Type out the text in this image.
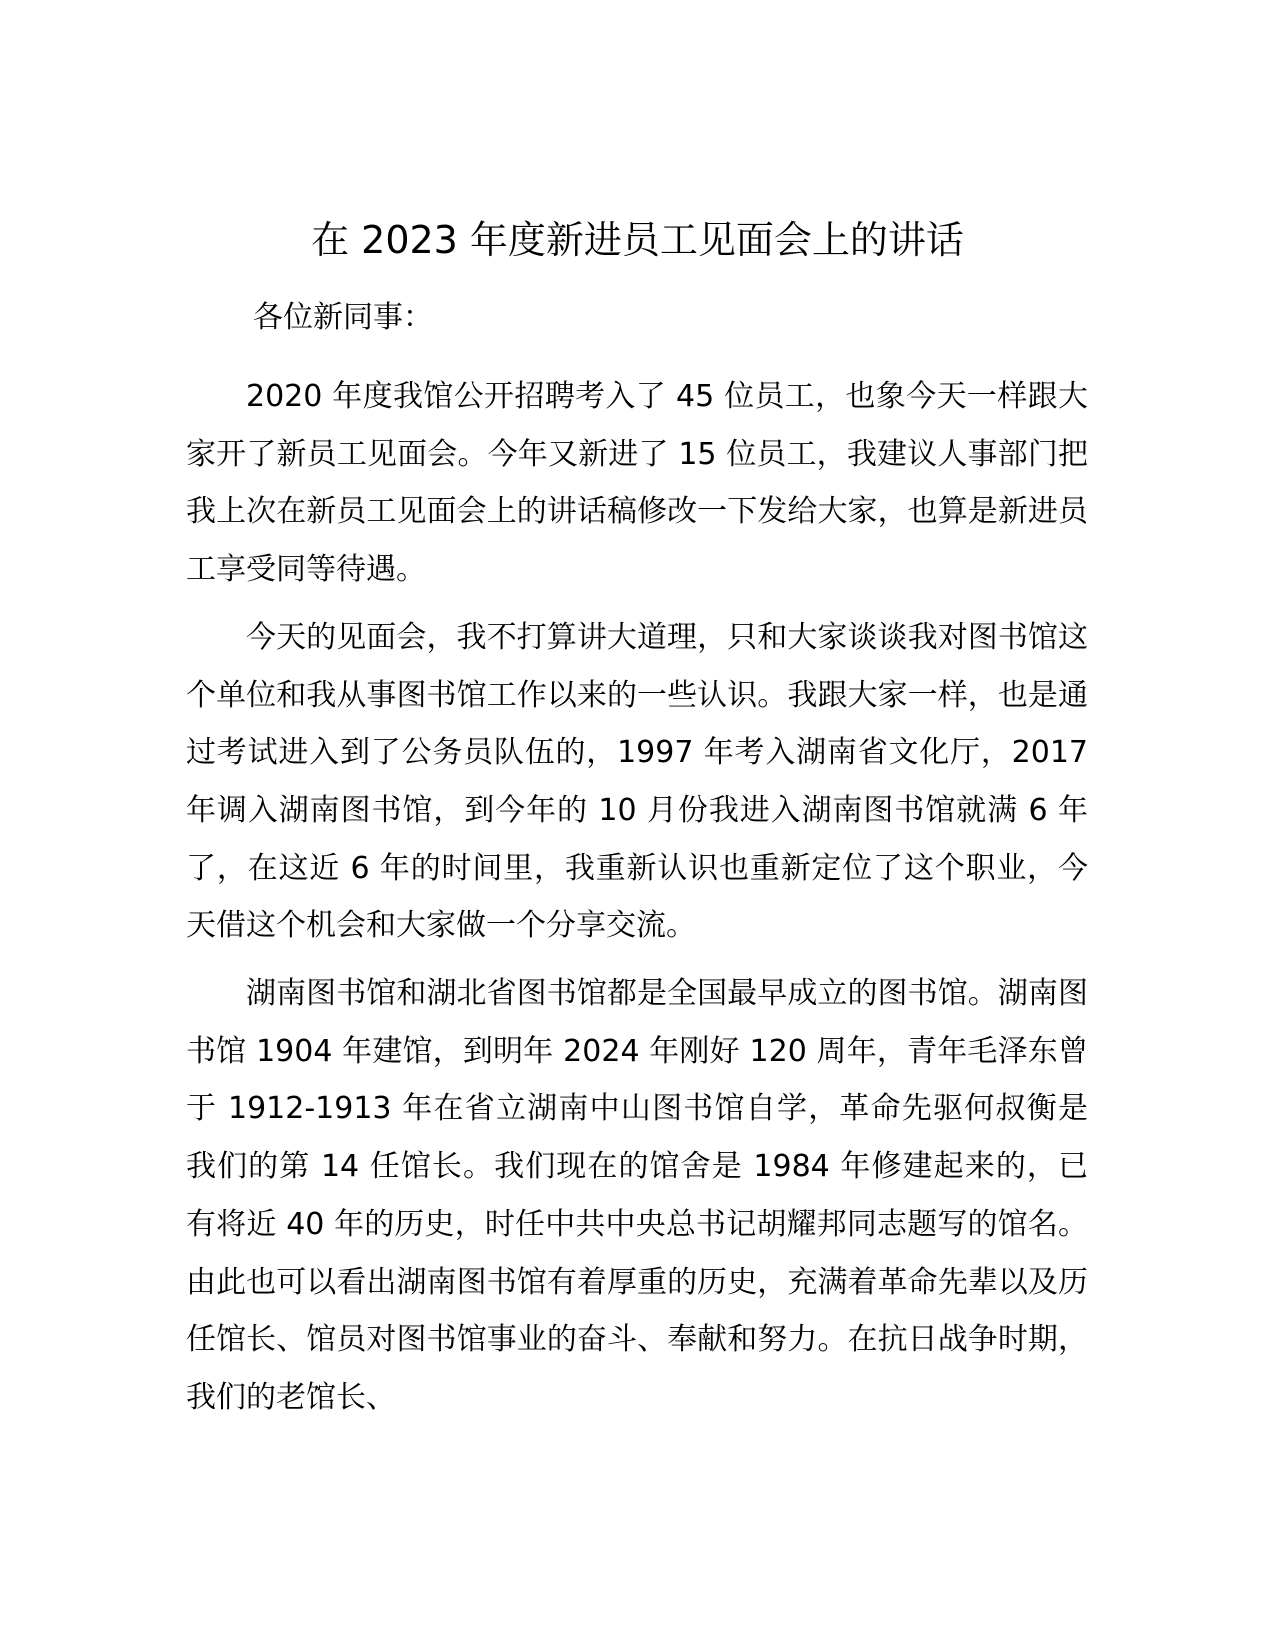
在 2023 年度新进员工见面会上的讲话

各位新同事：

2020 年度我馆公开招聘考入了 45 位员工，也象今天一样跟大家开了新员工见面会。今年又新进了 15 位员工，我建议人事部门把我上次在新员工见面会上的讲话稿修改一下发给大家，也算是新进员工享受同等待遇。

今天的见面会，我不打算讲大道理，只和大家谈谈我对图书馆这个单位和我从事图书馆工作以来的一些认识。我跟大家一样，也是通过考试进入到了公务员队伍的，1997 年考入湖南省文化厅，2017 年调入湖南图书馆，到今年的 10 月份我进入湖南图书馆就满 6 年了，在这近 6 年的时间里，我重新认识也重新定位了这个职业，今天借这个机会和大家做一个分享交流。

湖南图书馆和湖北省图书馆都是全国最早成立的图书馆。湖南图书馆 1904 年建馆，到明年 2024 年刚好 120 周年，青年毛泽东曾于 1912-1913 年在省立湖南中山图书馆自学，革命先驱何叔衡是我们的第 14 任馆长。我们现在的馆舍是 1984 年修建起来的，已有将近 40 年的历史，时任中共中央总书记胡耀邦同志题写的馆名。由此也可以看出湖南图书馆有着厚重的历史，充满着革命先辈以及历任馆长、馆员对图书馆事业的奋斗、奉献和努力。在抗日战争时期，我们的老馆长、
